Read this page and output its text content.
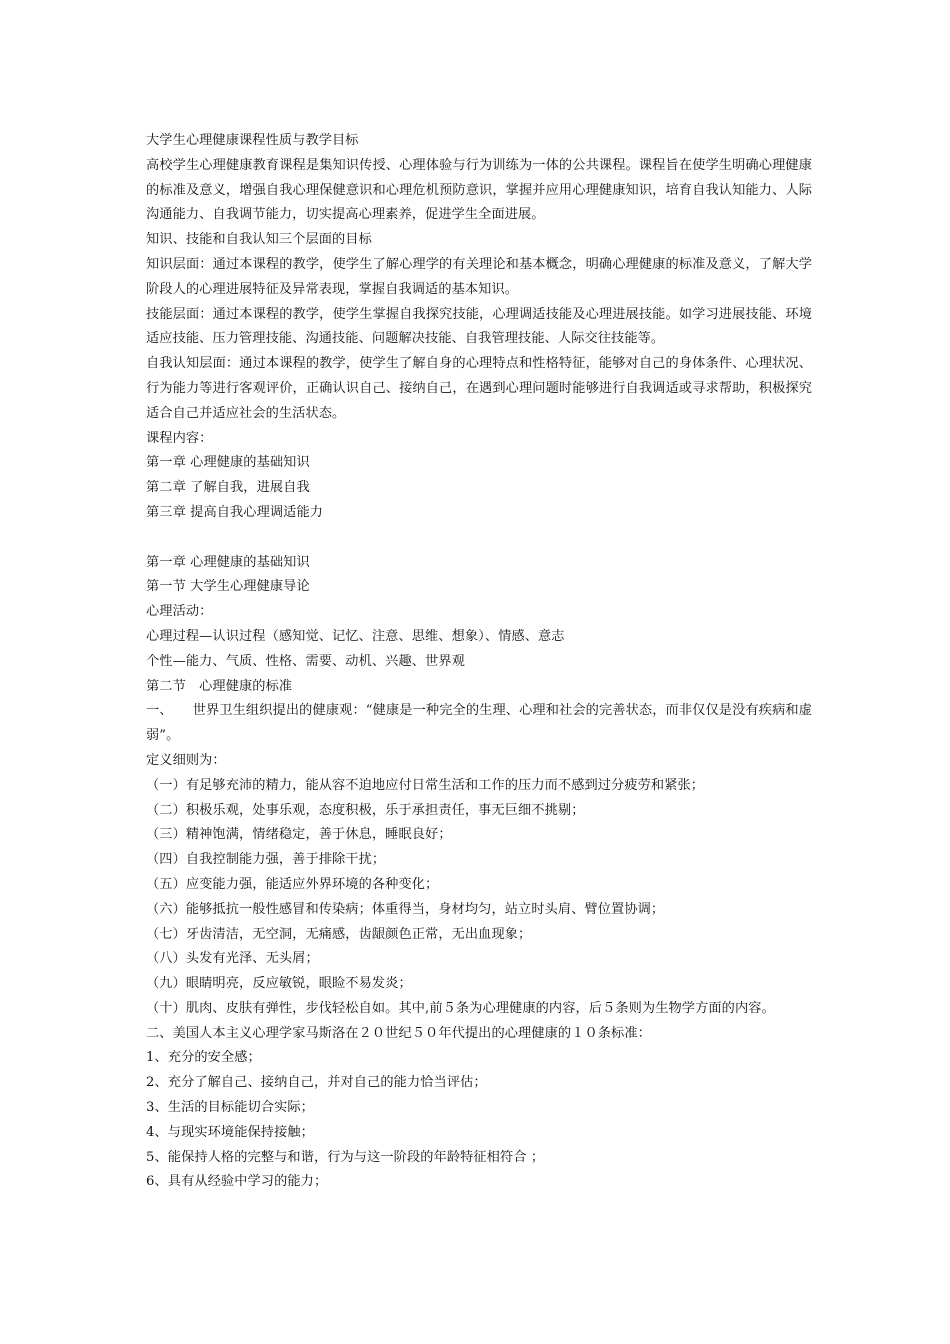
大学生心理健康课程性质与教学目标

高校学生心理健康教育课程是集知识传授、心理体验与行为训练为一体的公共课程。课程旨在使学生明确心理健康的标准及意义，增强自我心理保健意识和心理危机预防意识，掌握并应用心理健康知识，培育自我认知能力、人际沟通能力、自我调节能力，切实提高心理素养，促进学生全面进展。

知识、技能和自我认知三个层面的目标

知识层面：通过本课程的教学，使学生了解心理学的有关理论和基本概念，明确心理健康的标准及意义，了解大学阶段人的心理进展特征及异常表现，掌握自我调适的基本知识。

技能层面：通过本课程的教学，使学生掌握自我探究技能，心理调适技能及心理进展技能。如学习进展技能、环境适应技能、压力管理技能、沟通技能、问题解决技能、自我管理技能、人际交往技能等。

自我认知层面：通过本课程的教学，使学生了解自身的心理特点和性格特征，能够对自己的身体条件、心理状况、行为能力等进行客观评价，正确认识自己、接纳自己，在遇到心理问题时能够进行自我调适或寻求帮助，积极探究适合自己并适应社会的生活状态。

课程内容：

第一章 心理健康的基础知识

第二章 了解自我，进展自我

第三章 提高自我心理调适能力

第一章 心理健康的基础知识

第一节 大学生心理健康导论

心理活动：

心理过程—认识过程（感知觉、记忆、注意、思维、想象）、情感、意志

个性—能力、气质、性格、需要、动机、兴趣、世界观

第二节　心理健康的标准

一、　　世界卫生组织提出的健康观：“健康是一种完全的生理、心理和社会的完善状态，而非仅仅是没有疾病和虚弱”。

定义细则为：

（一）有足够充沛的精力，能从容不迫地应付日常生活和工作的压力而不感到过分疲劳和紧张；

（二）积极乐观，处事乐观，态度积极，乐于承担责任，事无巨细不挑剔；

（三）精神饱满，情绪稳定，善于休息，睡眠良好；

（四）自我控制能力强，善于排除干扰；

（五）应变能力强，能适应外界环境的各种变化；

（六）能够抵抗一般性感冒和传染病；体重得当，身材均匀，站立时头肩、臂位置协调；

（七）牙齿清洁，无空洞，无痛感，齿龈颜色正常，无出血现象；

（八）头发有光泽、无头屑；

（九）眼睛明亮，反应敏锐，眼睑不易发炎；

（十）肌肉、皮肤有弹性，步伐轻松自如。其中,前５条为心理健康的内容，后５条则为生物学方面的内容。

二、美国人本主义心理学家马斯洛在２０世纪５０年代提出的心理健康的１０条标准：

1、充分的安全感；

2、充分了解自己、接纳自己，并对自己的能力恰当评估；

3、生活的目标能切合实际；

4、与现实环境能保持接触；

5、能保持人格的完整与和谐，行为与这一阶段的年龄特征相符合 ；

6、具有从经验中学习的能力；
